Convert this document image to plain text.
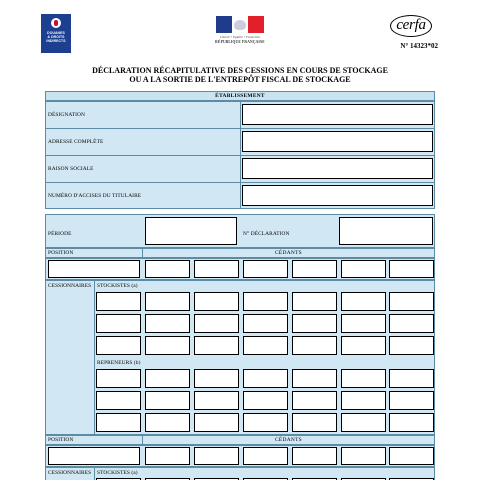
DOUANES
& DROITS
INDIRECTS
Liberté • Égalité • Fraternité
RÉPUBLIQUE FRANÇAISE
cerfa
N° 14323*02
DÉCLARATION RÉCAPITULATIVE DES CESSIONS EN COURS DE STOCKAGE
OU A LA SORTIE DE L'ENTREPÔT FISCAL DE STOCKAGE
ÉTABLISSEMENT
DÉSIGNATION
ADRESSE COMPLÈTE
RAISON SOCIALE
NUMÉRO D'ACCISES DU TITULAIRE
PÉRIODE	N° DÉCLARATION
POSITION	CÉDANTS
CESSIONNAIRES STOCKISTES (a)
REPRENEURS (b)
POSITION	CÉDANTS
CESSIONNAIRES STOCKISTES (a)
